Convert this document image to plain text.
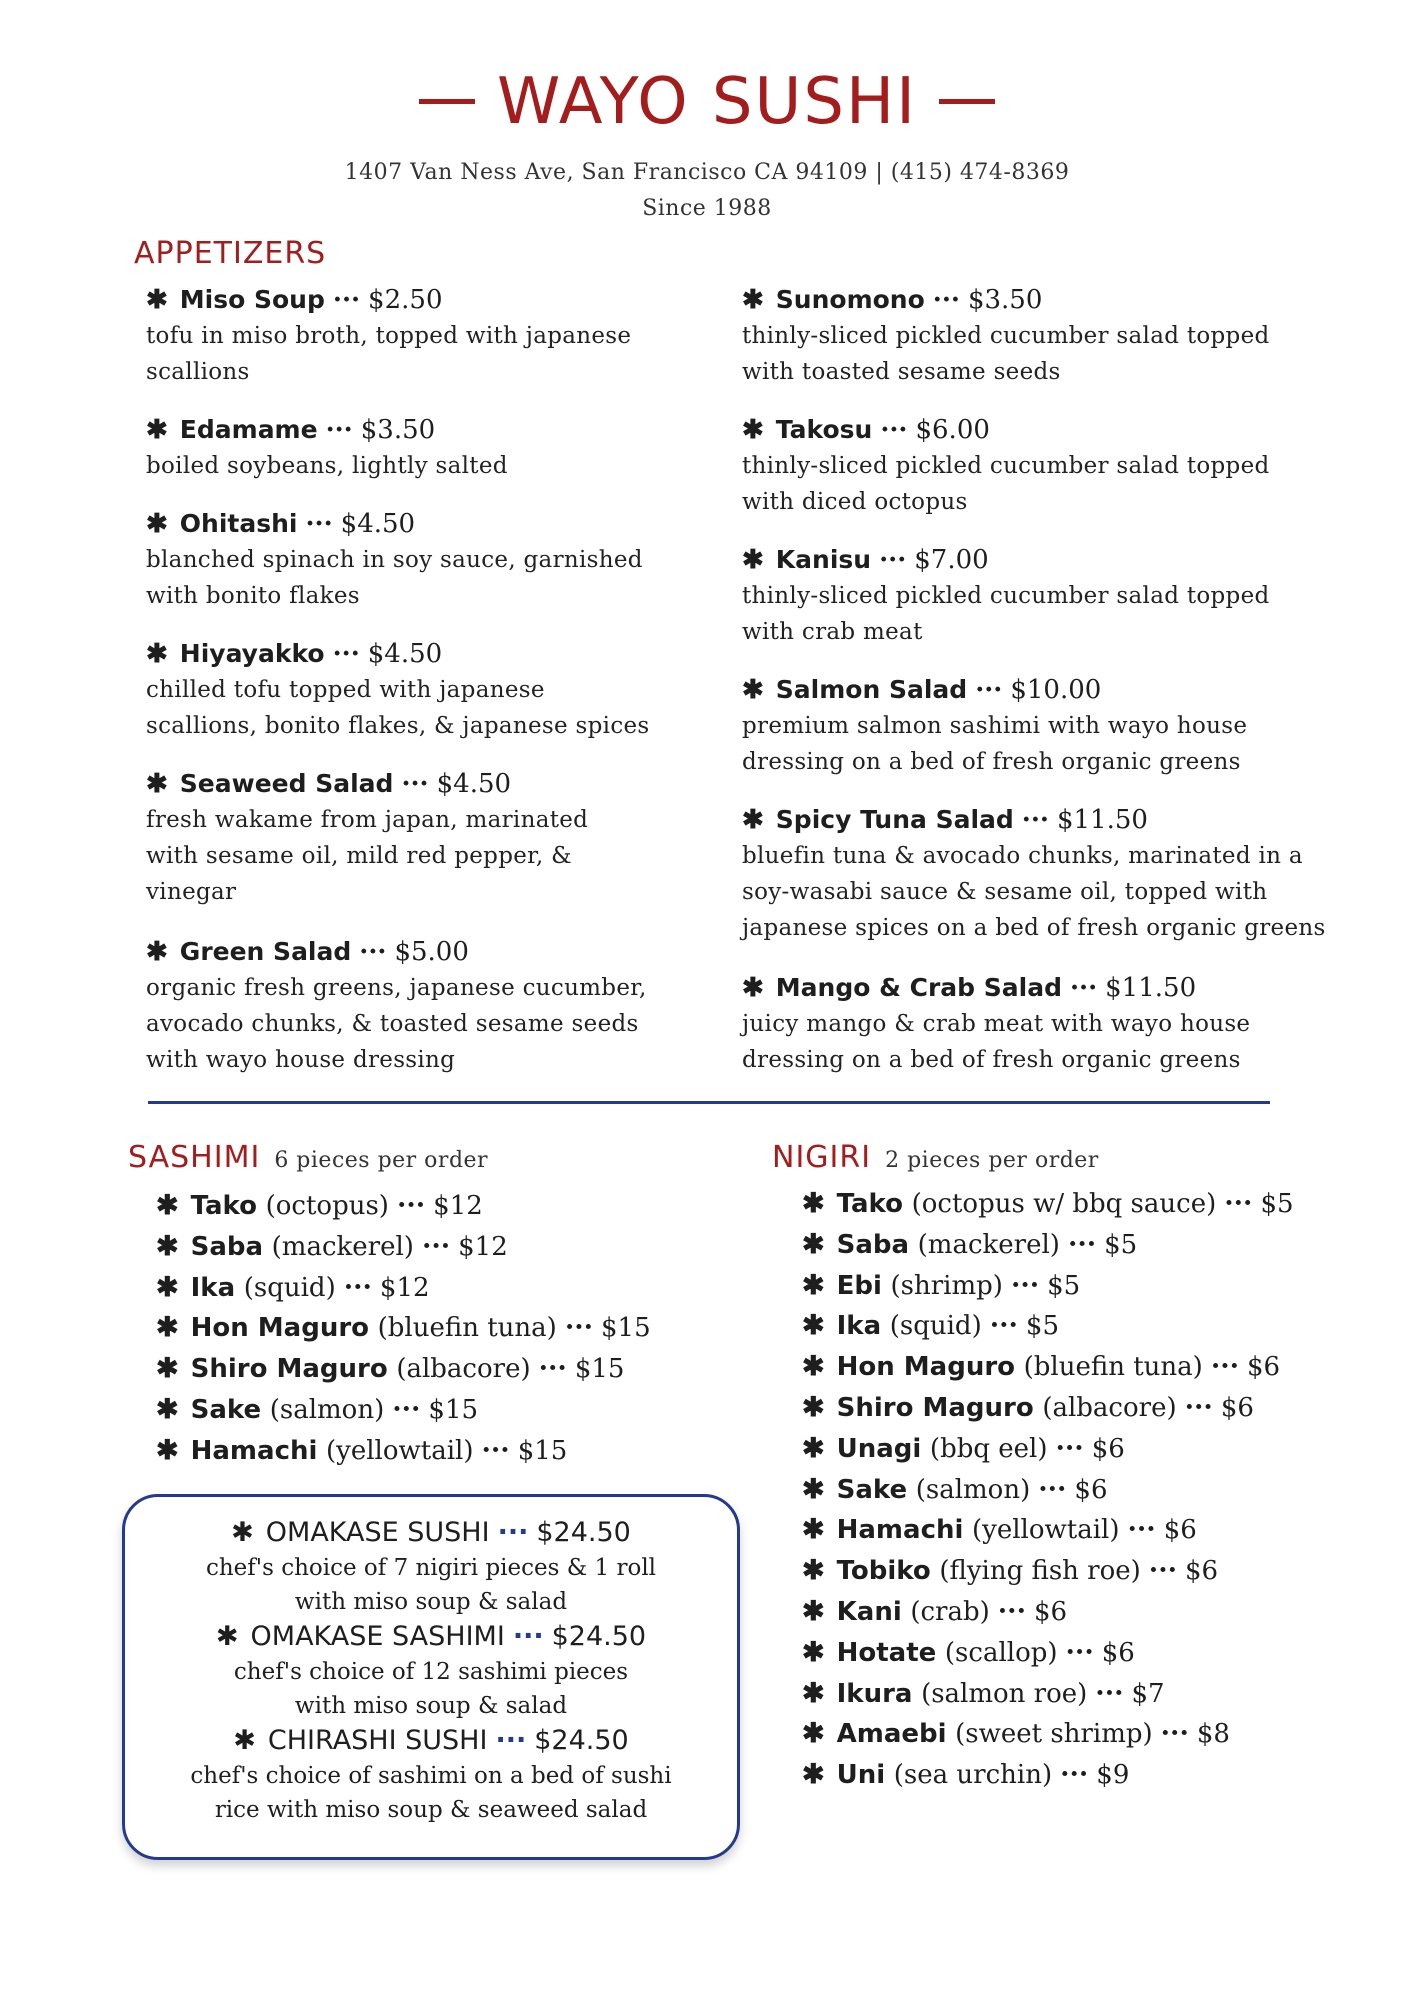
WAYO SUSHI
1407 Van Ness Ave, San Francisco CA 94109 | (415) 474-8369
Since 1988
APPETIZERS
✱ Miso Soup ··· $2.50
tofu in miso broth, topped with japanese
scallions
✱ Edamame ··· $3.50
boiled soybeans, lightly salted
✱ Ohitashi ··· $4.50
blanched spinach in soy sauce, garnished
with bonito flakes
✱ Hiyayakko ··· $4.50
chilled tofu topped with japanese
scallions, bonito flakes, & japanese spices
✱ Seaweed Salad ··· $4.50
fresh wakame from japan, marinated
with sesame oil, mild red pepper, &
vinegar
✱ Green Salad ··· $5.00
organic fresh greens, japanese cucumber,
avocado chunks, & toasted sesame seeds
with wayo house dressing
✱ Sunomono ··· $3.50
thinly-sliced pickled cucumber salad topped
with toasted sesame seeds
✱ Takosu ··· $6.00
thinly-sliced pickled cucumber salad topped
with diced octopus
✱ Kanisu ··· $7.00
thinly-sliced pickled cucumber salad topped
with crab meat
✱ Salmon Salad ··· $10.00
premium salmon sashimi with wayo house
dressing on a bed of fresh organic greens
✱ Spicy Tuna Salad ··· $11.50
bluefin tuna & avocado chunks, marinated in a
soy-wasabi sauce & sesame oil, topped with
japanese spices on a bed of fresh organic greens
✱ Mango & Crab Salad ··· $11.50
juicy mango & crab meat with wayo house
dressing on a bed of fresh organic greens
SASHIMI 6 pieces per order
✱ Tako (octopus) ··· $12
✱ Saba (mackerel) ··· $12
✱ Ika (squid) ··· $12
✱ Hon Maguro (bluefin tuna) ··· $15
✱ Shiro Maguro (albacore) ··· $15
✱ Sake (salmon) ··· $15
✱ Hamachi (yellowtail) ··· $15
✱ OMAKASE SUSHI ··· $24.50
chef's choice of 7 nigiri pieces & 1 roll
with miso soup & salad
✱ OMAKASE SASHIMI ··· $24.50
chef's choice of 12 sashimi pieces
with miso soup & salad
✱ CHIRASHI SUSHI ··· $24.50
chef's choice of sashimi on a bed of sushi
rice with miso soup & seaweed salad
NIGIRI 2 pieces per order
✱ Tako (octopus w/ bbq sauce) ··· $5
✱ Saba (mackerel) ··· $5
✱ Ebi (shrimp) ··· $5
✱ Ika (squid) ··· $5
✱ Hon Maguro (bluefin tuna) ··· $6
✱ Shiro Maguro (albacore) ··· $6
✱ Unagi (bbq eel) ··· $6
✱ Sake (salmon) ··· $6
✱ Hamachi (yellowtail) ··· $6
✱ Tobiko (flying fish roe) ··· $6
✱ Kani (crab) ··· $6
✱ Hotate (scallop) ··· $6
✱ Ikura (salmon roe) ··· $7
✱ Amaebi (sweet shrimp) ··· $8
✱ Uni (sea urchin) ··· $9
